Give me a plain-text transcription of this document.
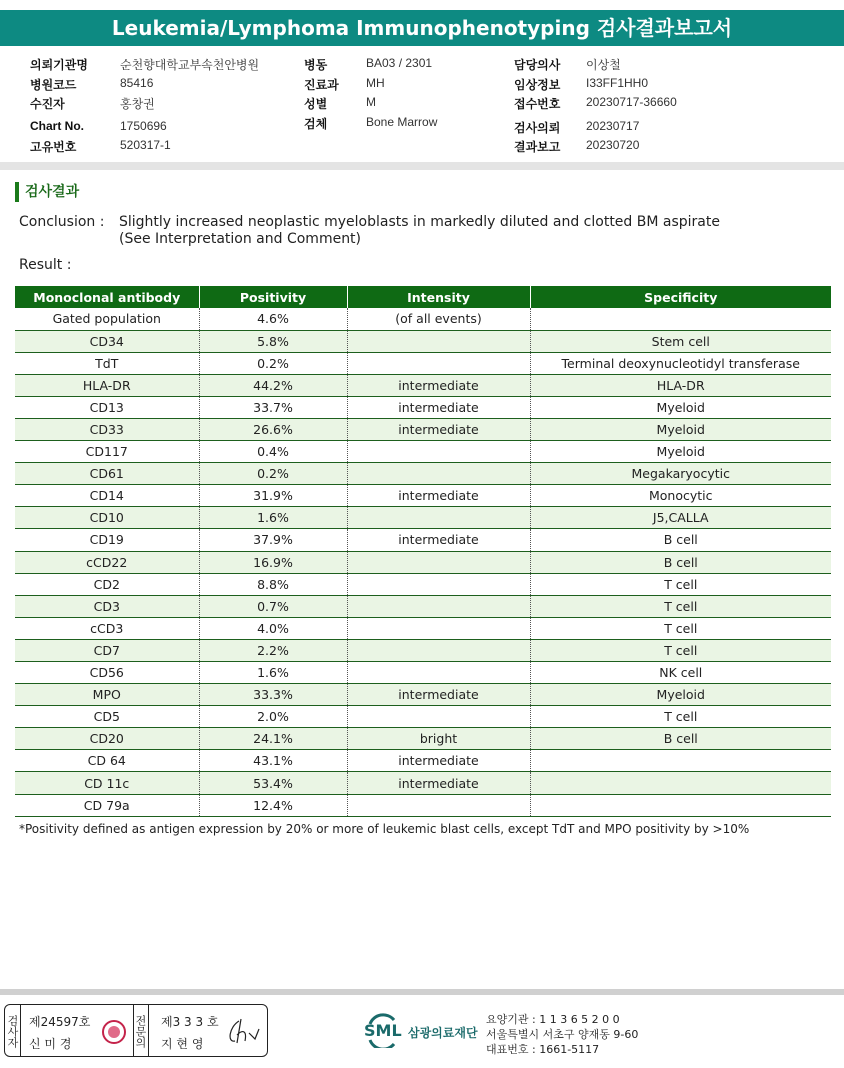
Leukemia/Lymphoma Immunophenotyping 검사결과보고서
의뢰기관명	순천향대학교부속천안병원
병원코드	85416
수진자	홍창권
Chart No.	1750696
고유번호	520317-1
병동	BA03 / 2301
진료과	MH
성별	M
검체	Bone Marrow
담당의사	이상철
임상정보	I33FF1HH0
접수번호	20230717-36660
검사의뢰	20230717
결과보고	20230720
검사결과
Conclusion : Slightly increased neoplastic myeloblasts in markedly diluted and clotted BM aspirate
(See Interpretation and Comment)
Result :
Monoclonal antibody	Positivity	Intensity	Specificity
Gated population	4.6%	(of all events)	
CD34	5.8%		Stem cell
TdT	0.2%		Terminal deoxynucleotidyl transferase
HLA-DR	44.2%	intermediate	HLA-DR
CD13	33.7%	intermediate	Myeloid
CD33	26.6%	intermediate	Myeloid
CD117	0.4%		Myeloid
CD61	0.2%		Megakaryocytic
CD14	31.9%	intermediate	Monocytic
CD10	1.6%		J5,CALLA
CD19	37.9%	intermediate	B cell
cCD22	16.9%		B cell
CD2	8.8%		T cell
CD3	0.7%		T cell
cCD3	4.0%		T cell
CD7	2.2%		T cell
CD56	1.6%		NK cell
MPO	33.3%	intermediate	Myeloid
CD5	2.0%		T cell
CD20	24.1%	bright	B cell
CD 64	43.1%	intermediate	
CD 11c	53.4%	intermediate	
CD 79a	12.4%		
*Positivity defined as antigen expression by 20% or more of leukemic blast cells, except TdT and MPO positivity by >10%
검사자 제24597호
신 미 경	전문의 제3 3 3 호
지 현 영
SML 삼광의료재단
요양기관 : 1 1 3 6 5 2 0 0
서울특별시 서초구 양재동 9-60
대표번호 : 1661-5117
